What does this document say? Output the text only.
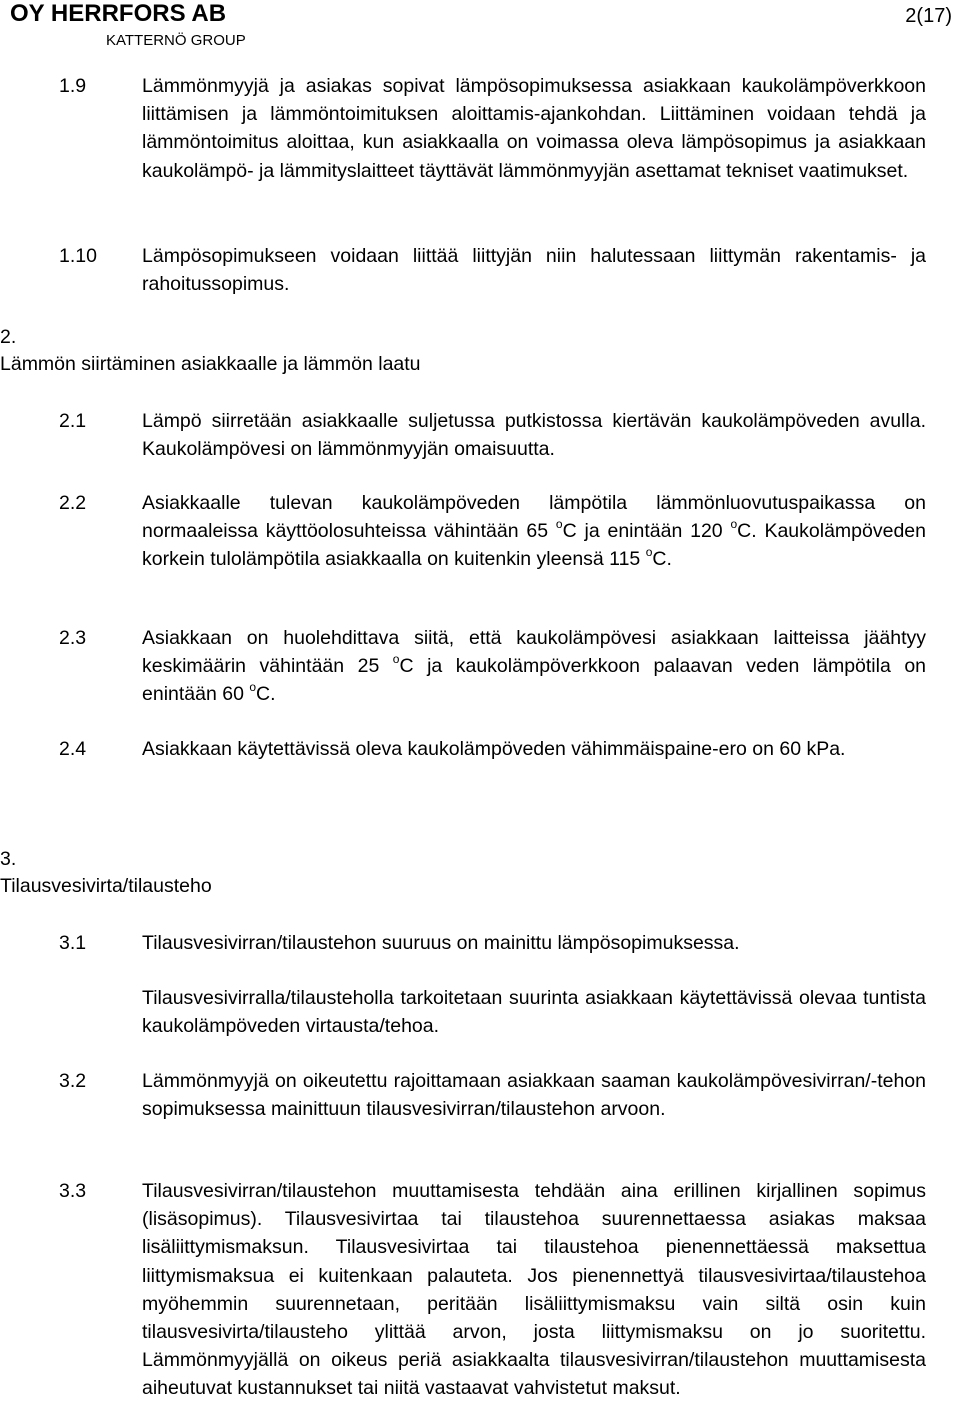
OY HERRFORS AB
KATTERNÖ GROUP
2(17)
1.9	Lämmönmyyjä ja asiakas sopivat lämpösopimuksessa asiakkaan kaukolämpöverkkoon liittämisen ja lämmöntoimituksen aloittamis-ajankohdan. Liittäminen voidaan tehdä ja lämmöntoimitus aloittaa, kun asiakkaalla on voimassa oleva lämpösopimus ja asiakkaan kaukolämpö- ja lämmityslaitteet täyttävät lämmönmyyjän asettamat tekniset vaatimukset.

1.10 Lämpösopimukseen voidaan liittää liittyjän niin halutessaan liittymän rakentamis- ja rahoitussopimus.

2.
Lämmön siirtäminen asiakkaalle ja lämmön laatu
2.1	Lämpö siirretään asiakkaalle suljetussa putkistossa kiertävän kaukolämpöveden avulla. Kaukolämpövesi on lämmönmyyjän omaisuutta.

2.2	Asiakkaalle tulevan kaukolämpöveden lämpötila lämmönluovutuspaikassa on normaaleissa käyttöolosuhteissa vähintään 65 $^o$C ja enintään 120 $^o$C. Kaukolämpöveden korkein tulolämpötila asiakkaalla on kuitenkin yleensä 115 $^o$C.

2.3	Asiakkaan on huolehdittava siitä, että kaukolämpövesi asiakkaan laitteissa jäähtyy keskimäärin vähintään 25 $^o$C ja kaukolämpöverkkoon palaavan veden lämpötila on enintään 60 $^o$C.

2.4	Asiakkaan käytettävissä oleva kaukolämpöveden vähimmäispaine-ero on 60 kPa.

3.
Tilausvesivirta/tilausteho
3.1	Tilausvesivirran/tilaustehon suuruus on mainittu lämpösopimuksessa.

Tilausvesivirralla/tilausteholla tarkoitetaan suurinta asiakkaan käytettävissä olevaa tuntista kaukolämpöveden virtausta/tehoa.

3.2	Lämmönmyyjä on oikeutettu rajoittamaan asiakkaan saaman kaukolämpövesivirran/-tehon sopimuksessa mainittuun tilausvesivirran/tilaustehon arvoon.

3.3	Tilausvesivirran/tilaustehon muuttamisesta tehdään aina erillinen kirjallinen sopimus (lisäsopimus). Tilausvesivirtaa tai tilaustehoa suurennettaessa asiakas maksaa lisäliittymismaksun. Tilausvesivirtaa tai tilaustehoa pienennettäessä maksettua liittymismaksua ei kuitenkaan palauteta. Jos pienennettyä tilausvesivirtaa/tilaustehoa myöhemmin suurennetaan, peritään lisäliittymismaksu vain siltä osin kuin tilausvesivirta/tilausteho ylittää arvon, josta liittymismaksu on jo suoritettu. Lämmönmyyjällä on oikeus periä asiakkaalta tilausvesivirran/tilaustehon muuttamisesta aiheutuvat kustannukset tai niitä vastaavat vahvistetut maksut.
